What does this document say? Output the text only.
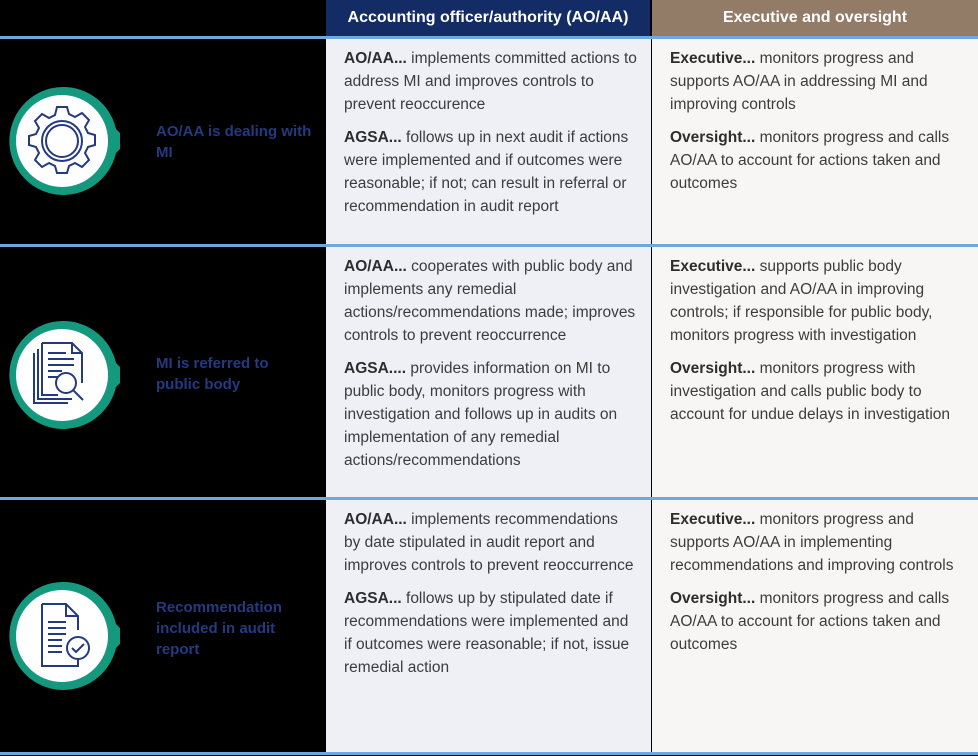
Accounting officer/authority (AO/AA)	Executive and oversight
AO/AA is dealing with MI

AO/AA... implements committed actions to address MI and improves controls to prevent reoccurence

AGSA... follows up in next audit if actions were implemented and if outcomes were reasonable; if not; can result in referral or recommendation in audit report

Executive... monitors progress and supports AO/AA in addressing MI and improving controls

Oversight... monitors progress and calls AO/AA to account for actions taken and outcomes

MI is referred to public body

AO/AA... cooperates with public body and implements any remedial actions/recommendations made; improves controls to prevent reoccurrence

AGSA.... provides information on MI to public body, monitors progress with investigation and follows up in audits on implementation of any remedial actions/recommendations

Executive... supports public body investigation and AO/AA in improving controls; if responsible for public body, monitors progress with investigation

Oversight... monitors progress with investigation and calls public body to account for undue delays in investigation

Recommendation included in audit report

AO/AA... implements recommendations by date stipulated in audit report and improves controls to prevent reoccurrence

AGSA... follows up by stipulated date if recommendations were implemented and if outcomes were reasonable; if not, issue remedial action

Executive... monitors progress and supports AO/AA in implementing recommendations and improving controls

Oversight... monitors progress and calls AO/AA to account for actions taken and outcomes
